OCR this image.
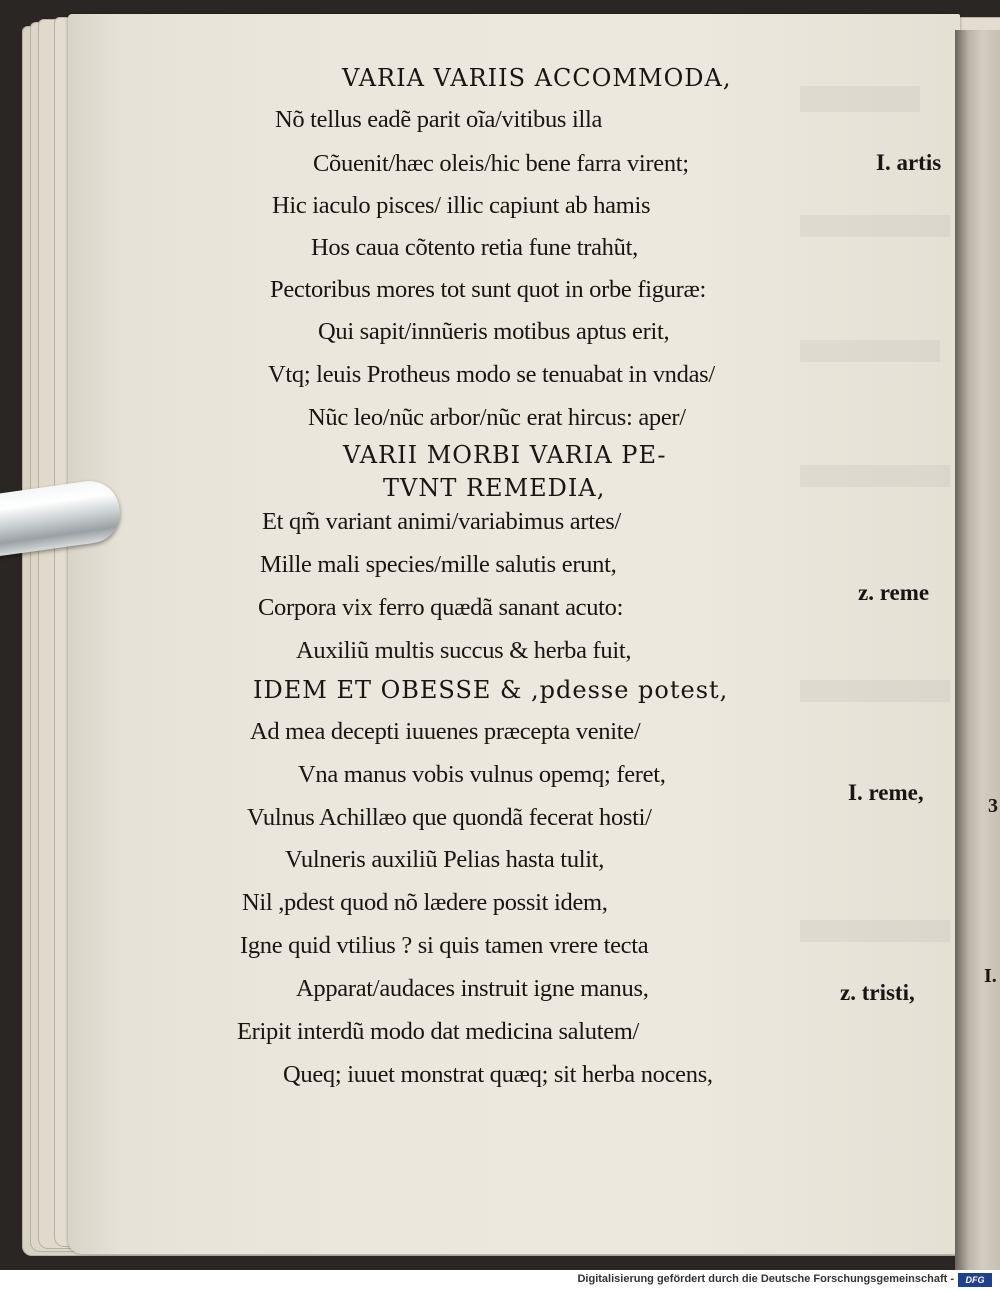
VARIA VARIIS ACCOMMODA,
Nõ tellus eadẽ parit oĩa/vitibus illa
Cõuenit/hæc oleis/hic bene farra virent;
Hic iaculo pisces/ illic capiunt ab hamis
Hos caua cõtento retia fune trahũt,
Pectoribus mores tot sunt quot in orbe figuræ:
Qui sapit/innũeris motibus aptus erit,
Vtq; leuis Protheus modo se tenuabat in vndas/
Nũc leo/nũc arbor/nũc erat hircus: aper/
VARII MORBI VARIA PE-
TVNT REMEDIA,
Et qm̃ variant animi/variabimus artes/
Mille mali species/mille salutis erunt,
Corpora vix ferro quædã sanant acuto:
Auxiliũ multis succus & herba fuit,
IDEM ET OBESSE & ,pdesse potest,
Ad mea decepti iuuenes præcepta venite/
Vna manus vobis vulnus opemq; feret,
Vulnus Achillæo que quondã fecerat hosti/
Vulneris auxiliũ Pelias hasta tulit,
Nil ,pdest quod nõ lædere possit idem,
Igne quid vtilius ? si quis tamen vrere tecta
Apparat/audaces instruit igne manus,
Eripit interdũ modo dat medicina salutem/
Queq; iuuet monstrat quæq; sit herba nocens,
I. artis
z. reme
I. reme,
z. tristi,
3
I.
Digitalisierung gefördert durch die Deutsche Forschungsgemeinschaft -	DFG
